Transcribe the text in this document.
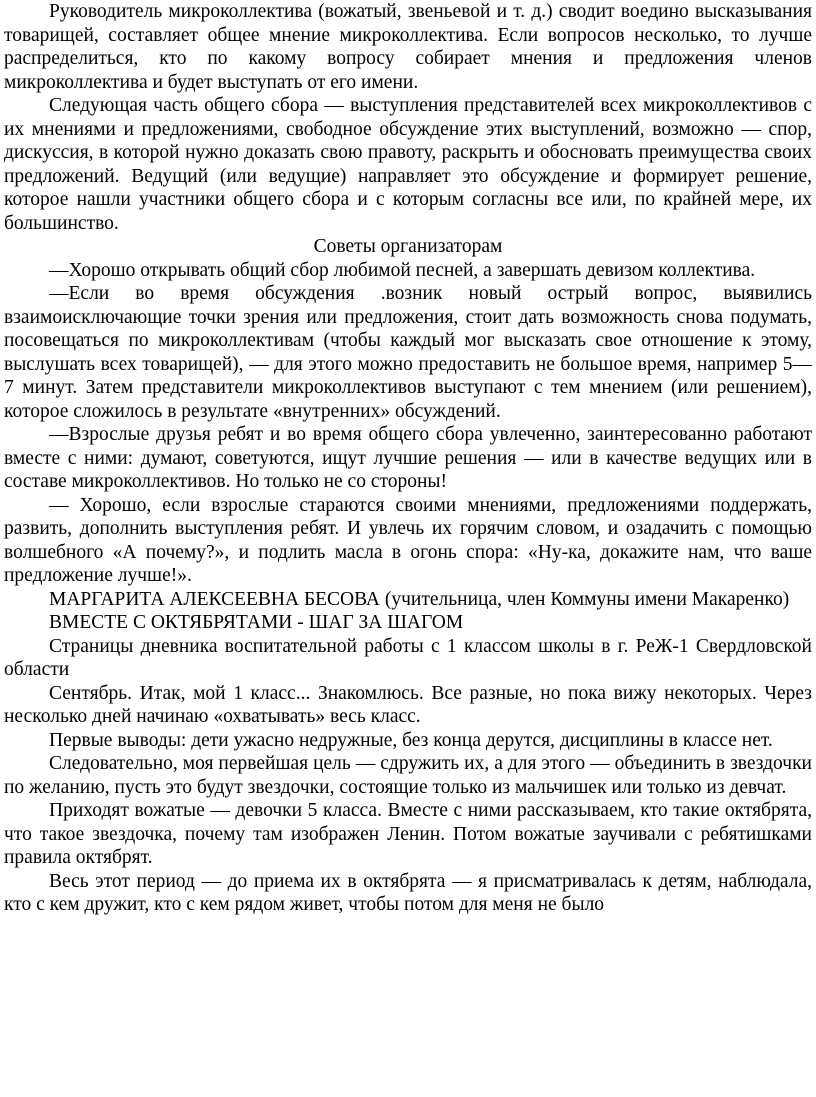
Руководитель микроколлектива (вожатый, звеньевой и т. д.) сводит воедино высказывания товарищей, составляет общее мнение микроколлектива. Если вопросов несколько, то лучше распределиться, кто по какому вопросу собирает мнения и предложения членов микроколлектива и будет выступать от его имени.

Следующая часть общего сбора — выступления представителей всех микроколлективов с их мнениями и предложениями, свободное обсуждение этих выступлений, возможно — спор, дискуссия, в которой нужно доказать свою правоту, раскрыть и обосновать преимущества своих предложений. Ведущий (или ведущие) направляет это обсуждение и формирует решение, которое нашли участники общего сбора и с которым согласны все или, по крайней мере, их большинство.

Советы организаторам

—Хорошо открывать общий сбор любимой песней, а завершать девизом коллектива.

—Если во время обсуждения .возник новый острый вопрос, выявились взаимоисключающие точки зрения или предложения, стоит дать возможность снова подумать, посовещаться по микроколлективам (чтобы каждый мог высказать свое отношение к этому, выслушать всех товарищей), — для этого можно предоставить не большое время, например 5—7 минут. Затем представители микроколлективов выступают с тем мнением (или решением), которое сложилось в результате «внутренних» обсуждений.

—Взрослые друзья ребят и во время общего сбора увлеченно, заинтересованно работают вместе с ними: думают, советуются, ищут лучшие решения — или в качестве ведущих или в составе микроколлективов. Но только не со стороны!

— Хорошо, если взрослые стараются своими мнениями, предложениями поддержать, развить, дополнить выступления ребят. И увлечь их горячим словом, и озадачить с помощью волшебного «А почему?», и подлить масла в огонь спора: «Ну-ка, докажите нам, что ваше предложение лучше!».

МАРГАРИТА АЛЕКСЕЕВНА БЕСОВА (учительница, член Коммуны имени Макаренко)

ВМЕСТЕ С ОКТЯБРЯТАМИ - ШАГ ЗА ШАГОМ

Страницы дневника воспитательной работы с 1 классом школы в г. РеЖ-1 Свердловской области

Сентябрь. Итак, мой 1 класс... Знакомлюсь. Все разные, но пока вижу некоторых. Через несколько дней начинаю «охватывать» весь класс.

Первые выводы: дети ужасно недружные, без конца дерутся, дисциплины в классе нет.

Следовательно, моя первейшая цель — сдружить их, а для этого — объединить в звездочки по желанию, пусть это будут звездочки, состоящие только из мальчишек или только из девчат.

Приходят вожатые — девочки 5 класса. Вместе с ними рассказываем, кто такие октябрята, что такое звездочка, почему там изображен Ленин. Потом вожатые заучивали с ребятишками правила октябрят.

Весь этот период — до приема их в октябрята — я присматривалась к детям, наблюдала, кто с кем дружит, кто с кем рядом живет, чтобы потом для меня не было
